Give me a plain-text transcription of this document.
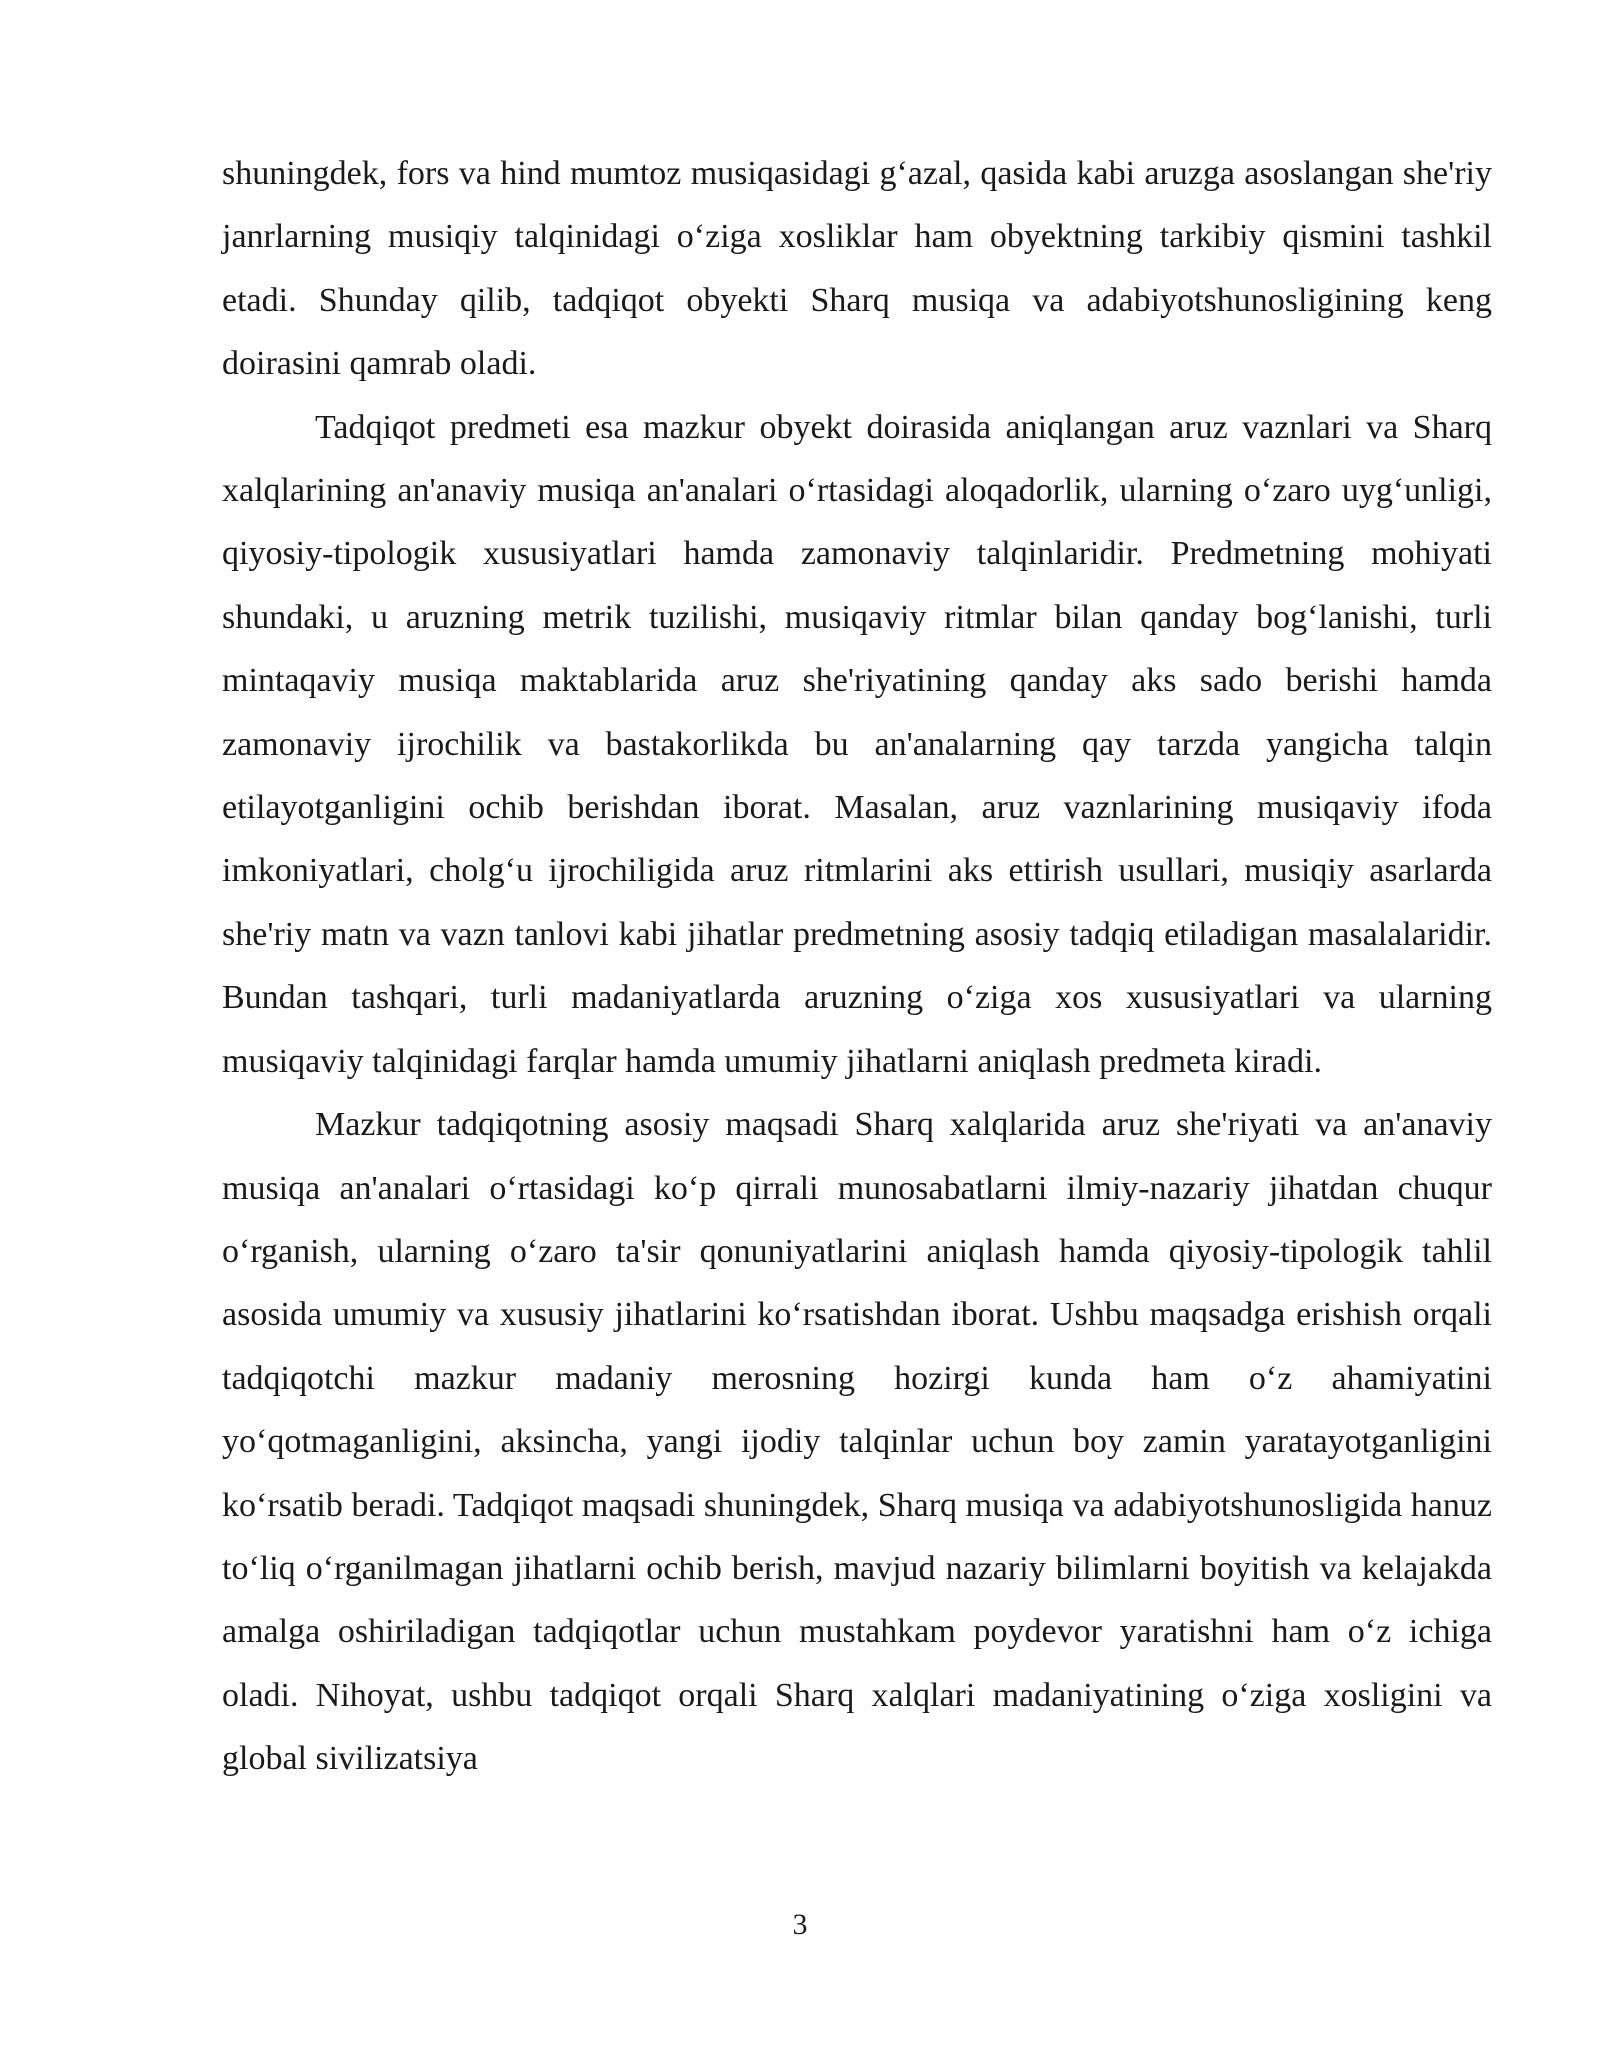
shuningdek, fors va hind mumtoz musiqasidagi g‘azal, qasida kabi aruzga asoslangan she'riy janrlarning musiqiy talqinidagi o‘ziga xosliklar ham obyektning tarkibiy qismini tashkil etadi. Shunday qilib, tadqiqot obyekti Sharq musiqa va adabiyotshunosligining keng doirasini qamrab oladi.

Tadqiqot predmeti esa mazkur obyekt doirasida aniqlangan aruz vaznlari va Sharq xalqlarining an'anaviy musiqa an'analari o‘rtasidagi aloqadorlik, ularning o‘zaro uyg‘unligi, qiyosiy-tipologik xususiyatlari hamda zamonaviy talqinlaridir. Predmetning mohiyati shundaki, u aruzning metrik tuzilishi, musiqaviy ritmlar bilan qanday bog‘lanishi, turli mintaqaviy musiqa maktablarida aruz she'riyatining qanday aks sado berishi hamda zamonaviy ijrochilik va bastakorlikda bu an'analarning qay tarzda yangicha talqin etilayotganligini ochib berishdan iborat. Masalan, aruz vaznlarining musiqaviy ifoda imkoniyatlari, cholg‘u ijrochiligida aruz ritmlarini aks ettirish usullari, musiqiy asarlarda she'riy matn va vazn tanlovi kabi jihatlar predmetning asosiy tadqiq etiladigan masalalaridir. Bundan tashqari, turli madaniyatlarda aruzning o‘ziga xos xususiyatlari va ularning musiqaviy talqinidagi farqlar hamda umumiy jihatlarni aniqlash predmeta kiradi.

Mazkur tadqiqotning asosiy maqsadi Sharq xalqlarida aruz she'riyati va an'anaviy musiqa an'analari o‘rtasidagi ko‘p qirrali munosabatlarni ilmiy-nazariy jihatdan chuqur o‘rganish, ularning o‘zaro ta'sir qonuniyatlarini aniqlash hamda qiyosiy-tipologik tahlil asosida umumiy va xususiy jihatlarini ko‘rsatishdan iborat. Ushbu maqsadga erishish orqali tadqiqotchi mazkur madaniy merosning hozirgi kunda ham o‘z ahamiyatini yo‘qotmaganligini, aksincha, yangi ijodiy talqinlar uchun boy zamin yaratayotganligini ko‘rsatib beradi. Tadqiqot maqsadi shuningdek, Sharq musiqa va adabiyotshunosligida hanuz to‘liq o‘rganilmagan jihatlarni ochib berish, mavjud nazariy bilimlarni boyitish va kelajakda amalga oshiriladigan tadqiqotlar uchun mustahkam poydevor yaratishni ham o‘z ichiga oladi. Nihoyat, ushbu tadqiqot orqali Sharq xalqlari madaniyatining o‘ziga xosligini va global sivilizatsiya

3
